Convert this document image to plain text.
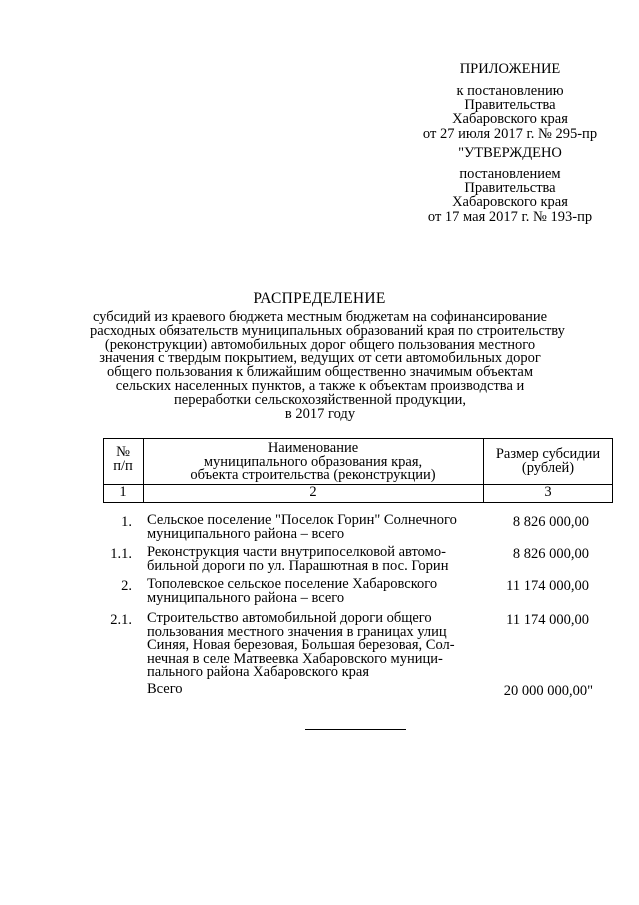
ПРИЛОЖЕНИЕ
к постановлению
Правительства
Хабаровского края
от 27 июля 2017 г. № 295-пр
"УТВЕРЖДЕНО
постановлением
Правительства
Хабаровского края
от 17 мая 2017 г. № 193-пр
РАСПРЕДЕЛЕНИЕ
субсидий из краевого бюджета местным бюджетам на софинансирование
расходных обязательств муниципальных образований края по строительству
(реконструкции) автомобильных дорог общего пользования местного
значения с твердым покрытием, ведущих от сети автомобильных дорог
общего пользования к ближайшим общественно значимым объектам
сельских населенных пунктов, а также к объектам производства и
переработки сельскохозяйственной продукции,
в 2017 году
№
п/п
Наименование
муниципального образования края,
объекта строительства (реконструкции)
Размер субсидии
(рублей)
1	2	3
1. Сельское поселение "Поселок Горин" Солнечного
муниципального района – всего
8 826 000,00
1.1. Реконструкция части внутрипоселковой автомо-
бильной дороги по ул. Парашютная в пос. Горин
8 826 000,00
2. Тополевское сельское поселение Хабаровского
муниципального района – всего
11 174 000,00
2.1. Строительство автомобильной дороги общего
пользования местного значения в границах улиц
Синяя, Новая березовая, Большая березовая, Сол-
нечная в селе Матвеевка Хабаровского муници-
пального района Хабаровского края
11 174 000,00
Всего	20 000 000,00"
